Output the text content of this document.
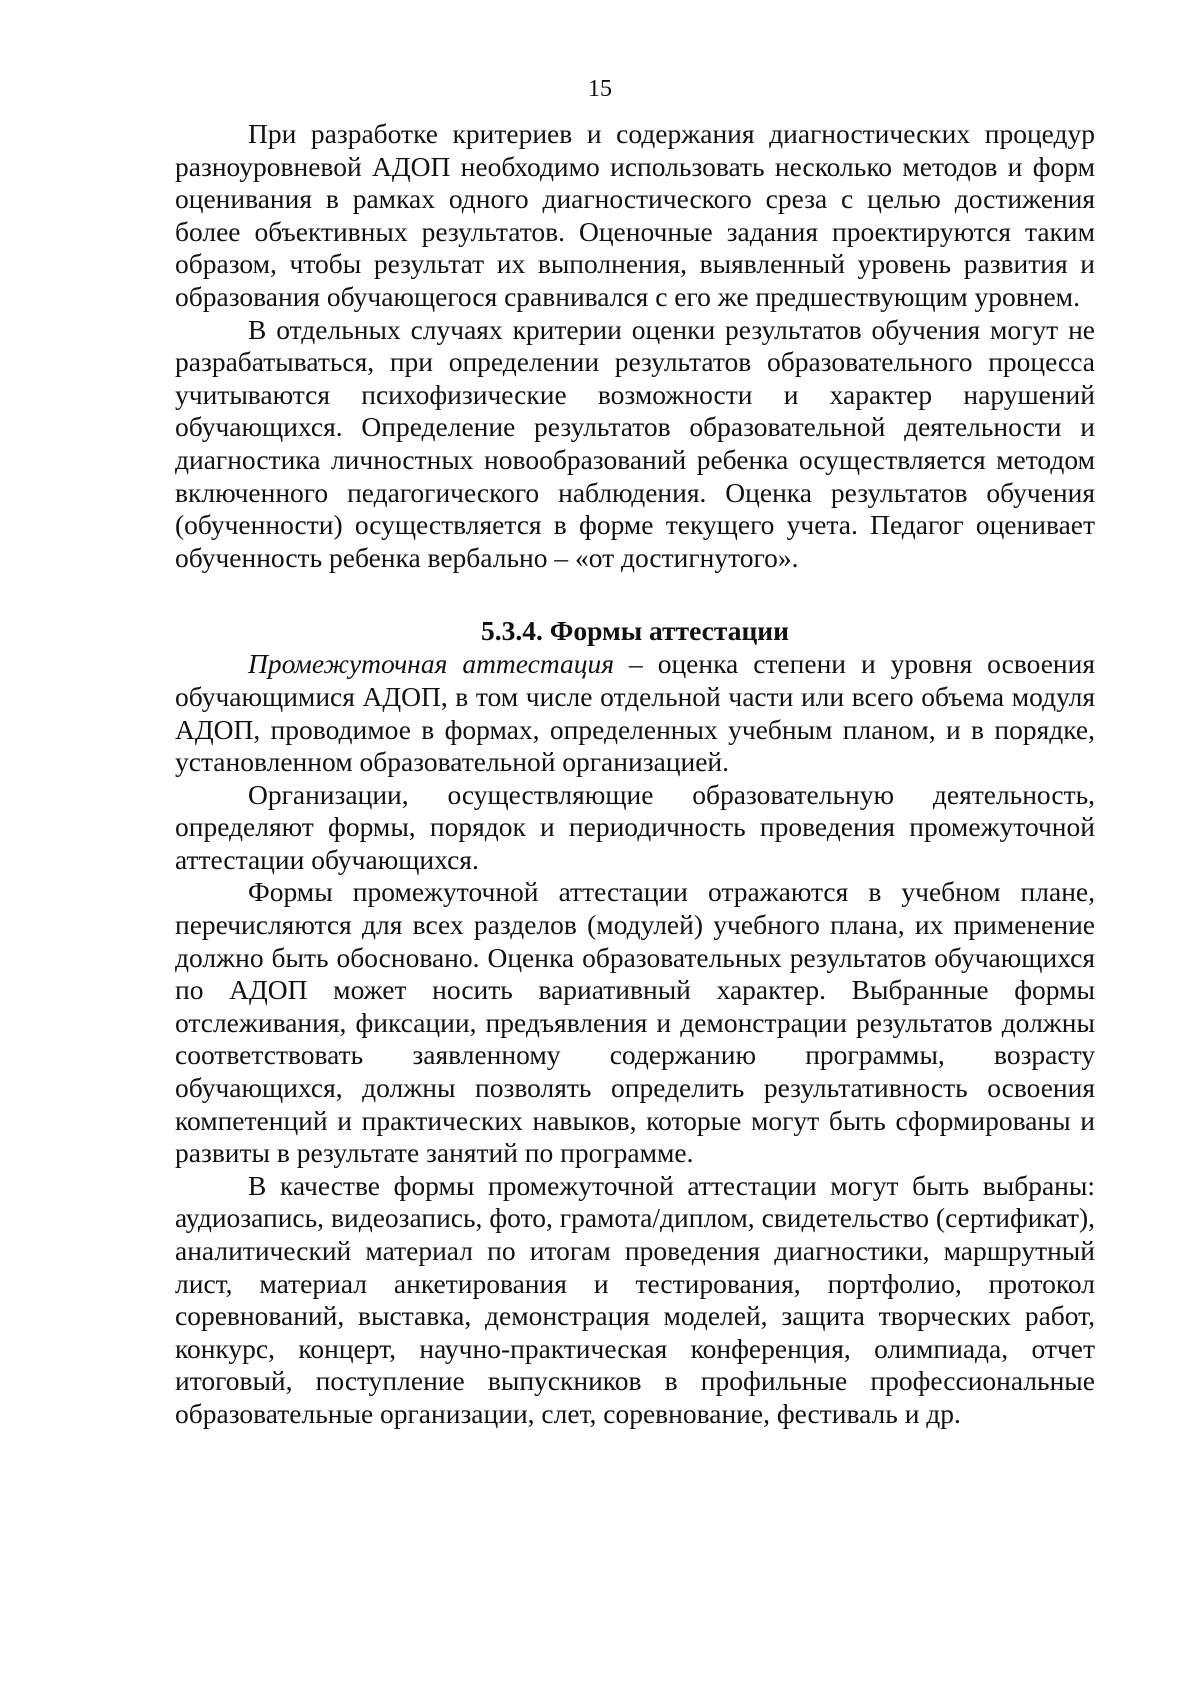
15

При разработке критериев и содержания диагностических процедур разноуровневой АДОП необходимо использовать несколько методов и форм оценивания в рамках одного диагностического среза с целью достижения более объективных результатов. Оценочные задания проектируются таким образом, чтобы результат их выполнения, выявленный уровень развития и образования обучающегося сравнивался с его же предшествующим уровнем.

В отдельных случаях критерии оценки результатов обучения могут не разрабатываться, при определении результатов образовательного процесса учитываются психофизические возможности и характер нарушений обучающихся. Определение результатов образовательной деятельности и диагностика личностных новообразований ребенка осуществляется методом включенного педагогического наблюдения. Оценка результатов обучения (обученности) осуществляется в форме текущего учета. Педагог оценивает обученность ребенка вербально – «от достигнутого».

5.3.4. Формы аттестации

Промежуточная аттестация – оценка степени и уровня освоения обучающимися АДОП, в том числе отдельной части или всего объема модуля АДОП, проводимое в формах, определенных учебным планом, и в порядке, установленном образовательной организацией.

Организации, осуществляющие образовательную деятельность, определяют формы, порядок и периодичность проведения промежуточной аттестации обучающихся.

Формы промежуточной аттестации отражаются в учебном плане, перечисляются для всех разделов (модулей) учебного плана, их применение должно быть обосновано. Оценка образовательных результатов обучающихся по АДОП может носить вариативный характер. Выбранные формы отслеживания, фиксации, предъявления и демонстрации результатов должны соответствовать заявленному содержанию программы, возрасту обучающихся, должны позволять определить результативность освоения компетенций и практических навыков, которые могут быть сформированы и развиты в результате занятий по программе.

В качестве формы промежуточной аттестации могут быть выбраны: аудиозапись, видеозапись, фото, грамота/диплом, свидетельство (сертификат), аналитический материал по итогам проведения диагностики, маршрутный лист, материал анкетирования и тестирования, портфолио, протокол соревнований, выставка, демонстрация моделей, защита творческих работ, конкурс, концерт, научно-практическая конференция, олимпиада, отчет итоговый, поступление выпускников в профильные профессиональные образовательные организации, слет, соревнование, фестиваль и др.
